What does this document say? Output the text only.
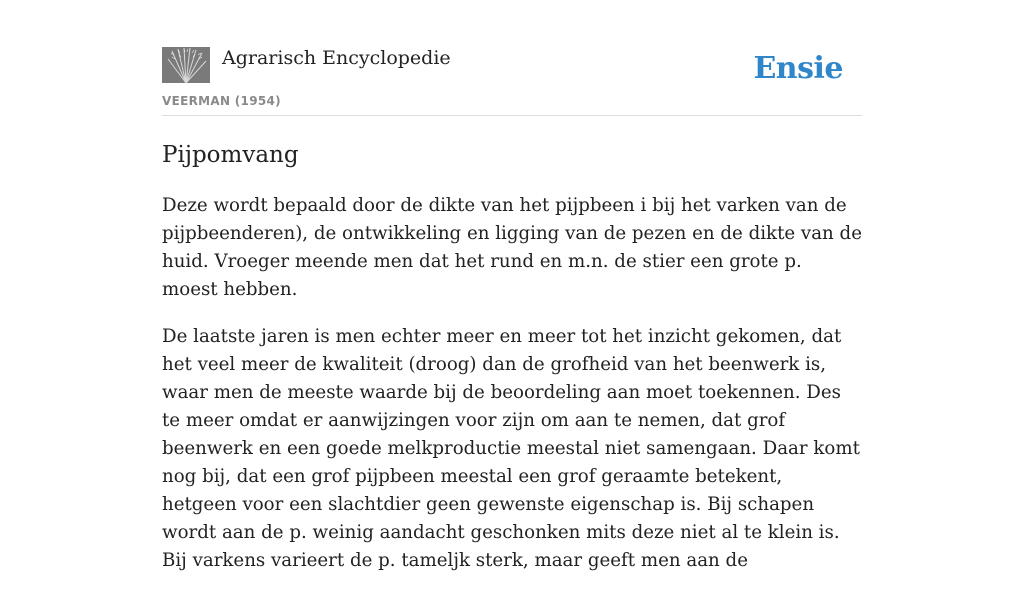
Agrarisch Encyclopedie
VEERMAN (1954)
Ensie
Pijpomvang

Deze wordt bepaald door de dikte van het pijpbeen i bij het varken van de pijpbeenderen), de ontwikkeling en ligging van de pezen en de dikte van de huid. Vroeger meende men dat het rund en m.n. de stier een grote p. moest hebben.

De laatste jaren is men echter meer en meer tot het inzicht gekomen, dat het veel meer de kwaliteit (droog) dan de grofheid van het beenwerk is, waar men de meeste waarde bij de beoordeling aan moet toekennen. Des te meer omdat er aanwijzingen voor zijn om aan te nemen, dat grof beenwerk en een goede melkproductie meestal niet samengaan. Daar komt nog bij, dat een grof pijpbeen meestal een grof geraamte betekent, hetgeen voor een slachtdier geen gewenste eigenschap is. Bij schapen wordt aan de p. weinig aandacht geschonken mits deze niet al te klein is. Bij varkens varieert de p. tameljk sterk, maar geeft men aan de
